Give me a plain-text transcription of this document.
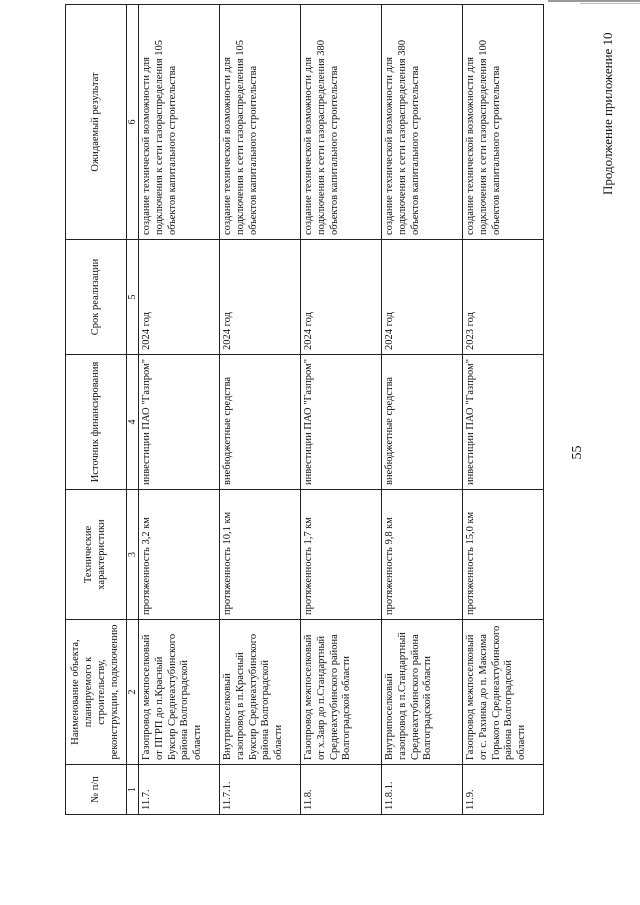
Продолжение приложение 10
55
№ п/п	Наименование объекта, планируемого к строительству, реконструкции, подключению	Технические характеристики	Источник финансирования	Срок реализации	Ожидаемый результат
1	2	3	4	5	6
11.7.	Газопровод межпоселковый от ПГРП до п.Красный Буксир Среднеахтубинского района Волгоградской области	протяженность 3,2 км	инвестиции ПАО "Газпром"	2024 год	создание технической возможности для подключения к сети газораспределения 105 объектов капитального строительства
11.7.1.	Внутрипоселковый газопровод в п.Красный Буксир Среднеахтубинского района Волгоградской области	протяженность 10,1 км	внебюджетные средства	2024 год	создание технической возможности для подключения к сети газораспределения 105 объектов капитального строительства
11.8.	Газопровод межпоселковый от х.Заяр до п.Стандартный Среднеахтубинского района Волгоградской области	протяженность 1,7 км	инвестиции ПАО "Газпром"	2024 год	создание технической возможности для подключения к сети газораспределения 380 объектов капитального строительства
11.8.1.	Внутрипоселковый газопровод в п.Стандартный Среднеахтубинского района Волгоградской области	протяженность 9,8 км	внебюджетные средства	2024 год	создание технической возможности для подключения к сети газораспределения 380 объектов капитального строительства
11.9.	Газопровод межпоселковый от с. Рахинка до п. Максима Горького Среднеахтубинского района Волгоградской области	протяженность 15,0 км	инвестиции ПАО "Газпром"	2023 год	создание технической возможности для подключения к сети газораспределения 100 объектов капитального строительства
